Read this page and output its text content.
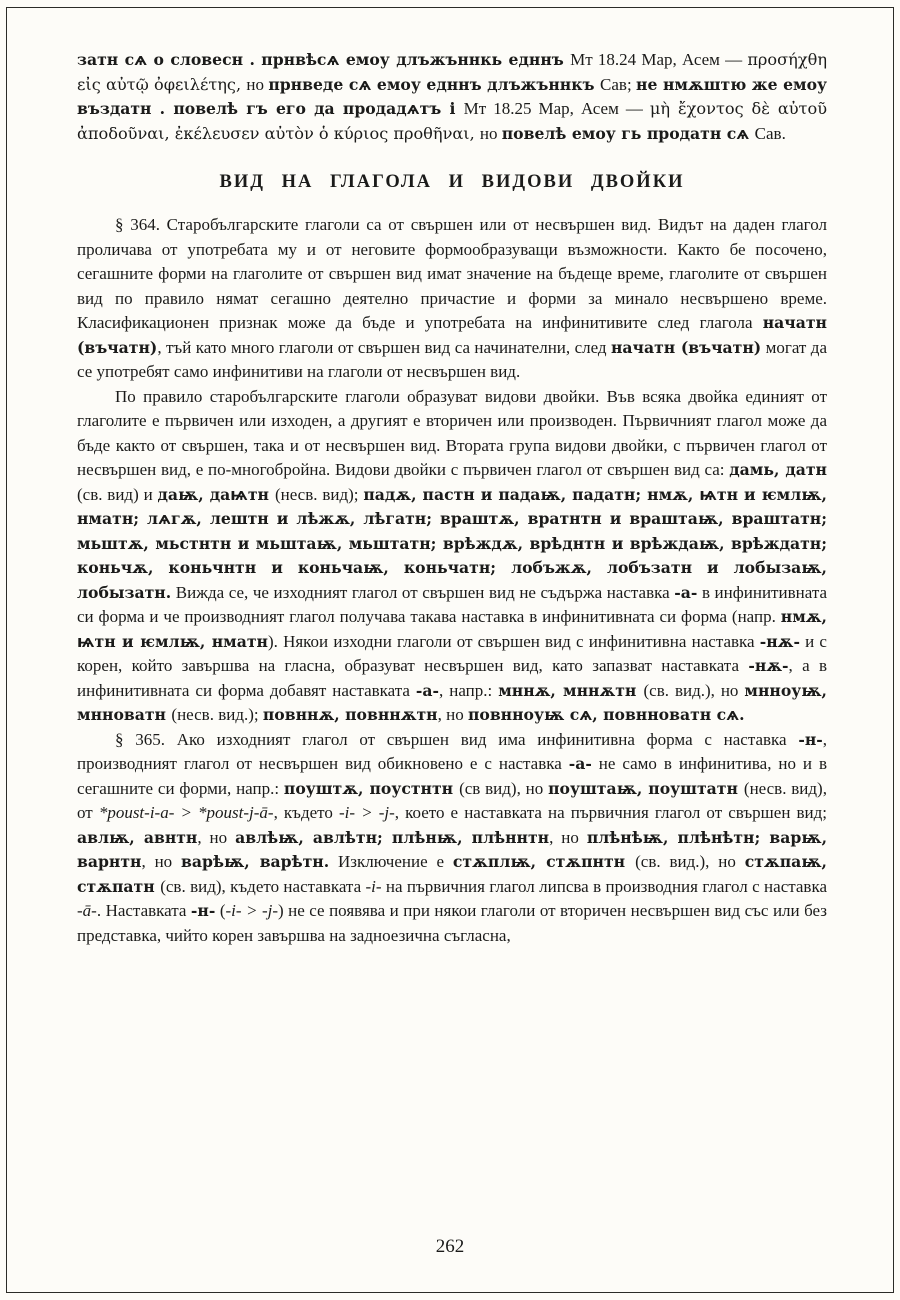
затн сѧ о словесн . прнвѣсѧ емоу длъжъннкь едннъ Мт 18.24 Мар, Асем — προσήχθη εἰς αὐτῷ ὀφειλέτης, но прнведе сѧ емоу едннъ длъжъннкъ Сав; не нмѫштю же емоу въздатн . повелѣ гъ его да продадѧтъ і Мт 18.25 Мар, Асем — μὴ ἔχοντος δὲ αὐτοῦ ἀποδοῦναι, ἐκέλευσεν αὐτὸν ὁ κύριος προθῆναι, но повелѣ емоу гь продатн сѧ Сав.

ВИД НА ГЛАГОЛА И ВИДОВИ ДВОЙКИ

§ 364. Старобългарските глаголи са от свършен или от несвършен вид. Видът на даден глагол проличава от употребата му и от неговите формообразуващи възможности. Както бе посочено, сегашните форми на глаголите от свършен вид имат значение на бъдеще време, глаголите от свършен вид по правило нямат сегашно деятелно причастие и форми за минало несвършено време. Класификационен признак може да бъде и употребата на инфинитивите след глагола начатн (въчатн), тъй като много глаголи от свършен вид са начинателни, след начатн (въчатн) могат да се употребят само инфинитиви на глаголи от несвършен вид.

По правило старобългарските глаголи образуват видови двойки. Във всяка двойка единият от глаголите е първичен или изходен, а другият е вторичен или производен. Първичният глагол може да бъде както от свършен, така и от несвършен вид. Втората група видови двойки, с първичен глагол от несвършен вид, е по-многобройна. Видови двойки с първичен глагол от свършен вид са: дамь, датн (св. вид) и даѭ, даѩтн (несв. вид); падѫ, пастн и падаѭ, падатн; нмѫ, ѩтн и ѥмлѭ, нматн; лѧгѫ, лештн и лѣжѫ, лѣгатн; враштѫ, вратнтн и враштаѭ, враштатн; мьштѫ, мьстнтн и мьштаѭ, мьштатн; врѣждѫ, врѣднтн и врѣждаѭ, врѣждатн; коньчѫ, коньчнтн и коньчаѭ, коньчатн; лобъжѫ, лобъзатн и лобызаѭ, лобызатн. Вижда се, че изходният глагол от свършен вид не съдържа наставка -а- в инфинитивната си форма и че производният глагол получава такава наставка в инфинитивната си форма (напр. нмѫ, ѩтн и ѥмлѭ, нматн). Някои изходни глаголи от свършен вид с инфинитивна наставка -нѫ- и с корен, който завършва на гласна, образуват несвършен вид, като запазват наставката -нѫ-, а в инфинитивната си форма добавят наставката -а-, напр.: мннѫ, мннѫтн (св. вид.), но мнноуѭ, мнноватн (несв. вид.); повннѫ, повннѫтн, но повнноуѭ сѧ, повнноватн сѧ.

§ 365. Ако изходният глагол от свършен вид има инфинитивна форма с наставка -н-, производният глагол от несвършен вид обикновено е с наставка -а- не само в инфинитива, но и в сегашните си форми, напр.: поуштѫ, поустнтн (св вид), но поуштаѭ, поуштатн (несв. вид), от *poust-i-a- > *poust-j-ā-, където -i- > -j-, което е наставката на първичния глагол от свършен вид; авлѭ, авнтн, но авлѣѭ, авлѣтн; плѣнѭ, плѣннтн, но плѣнѣѭ, плѣнѣтн; варѭ, варнтн, но варѣѭ, варѣтн. Изключение е стѫплѭ, стѫпнтн (св. вид.), но стѫпаѭ, стѫпатн (св. вид), където наставката -i- на първичния глагол липсва в производния глагол с наставка -ā-. Наставката -н- (-i- > -j-) не се появява и при някои глаголи от вторичен несвършен вид със или без представка, чийто корен завършва на задноезична съгласна,

262
